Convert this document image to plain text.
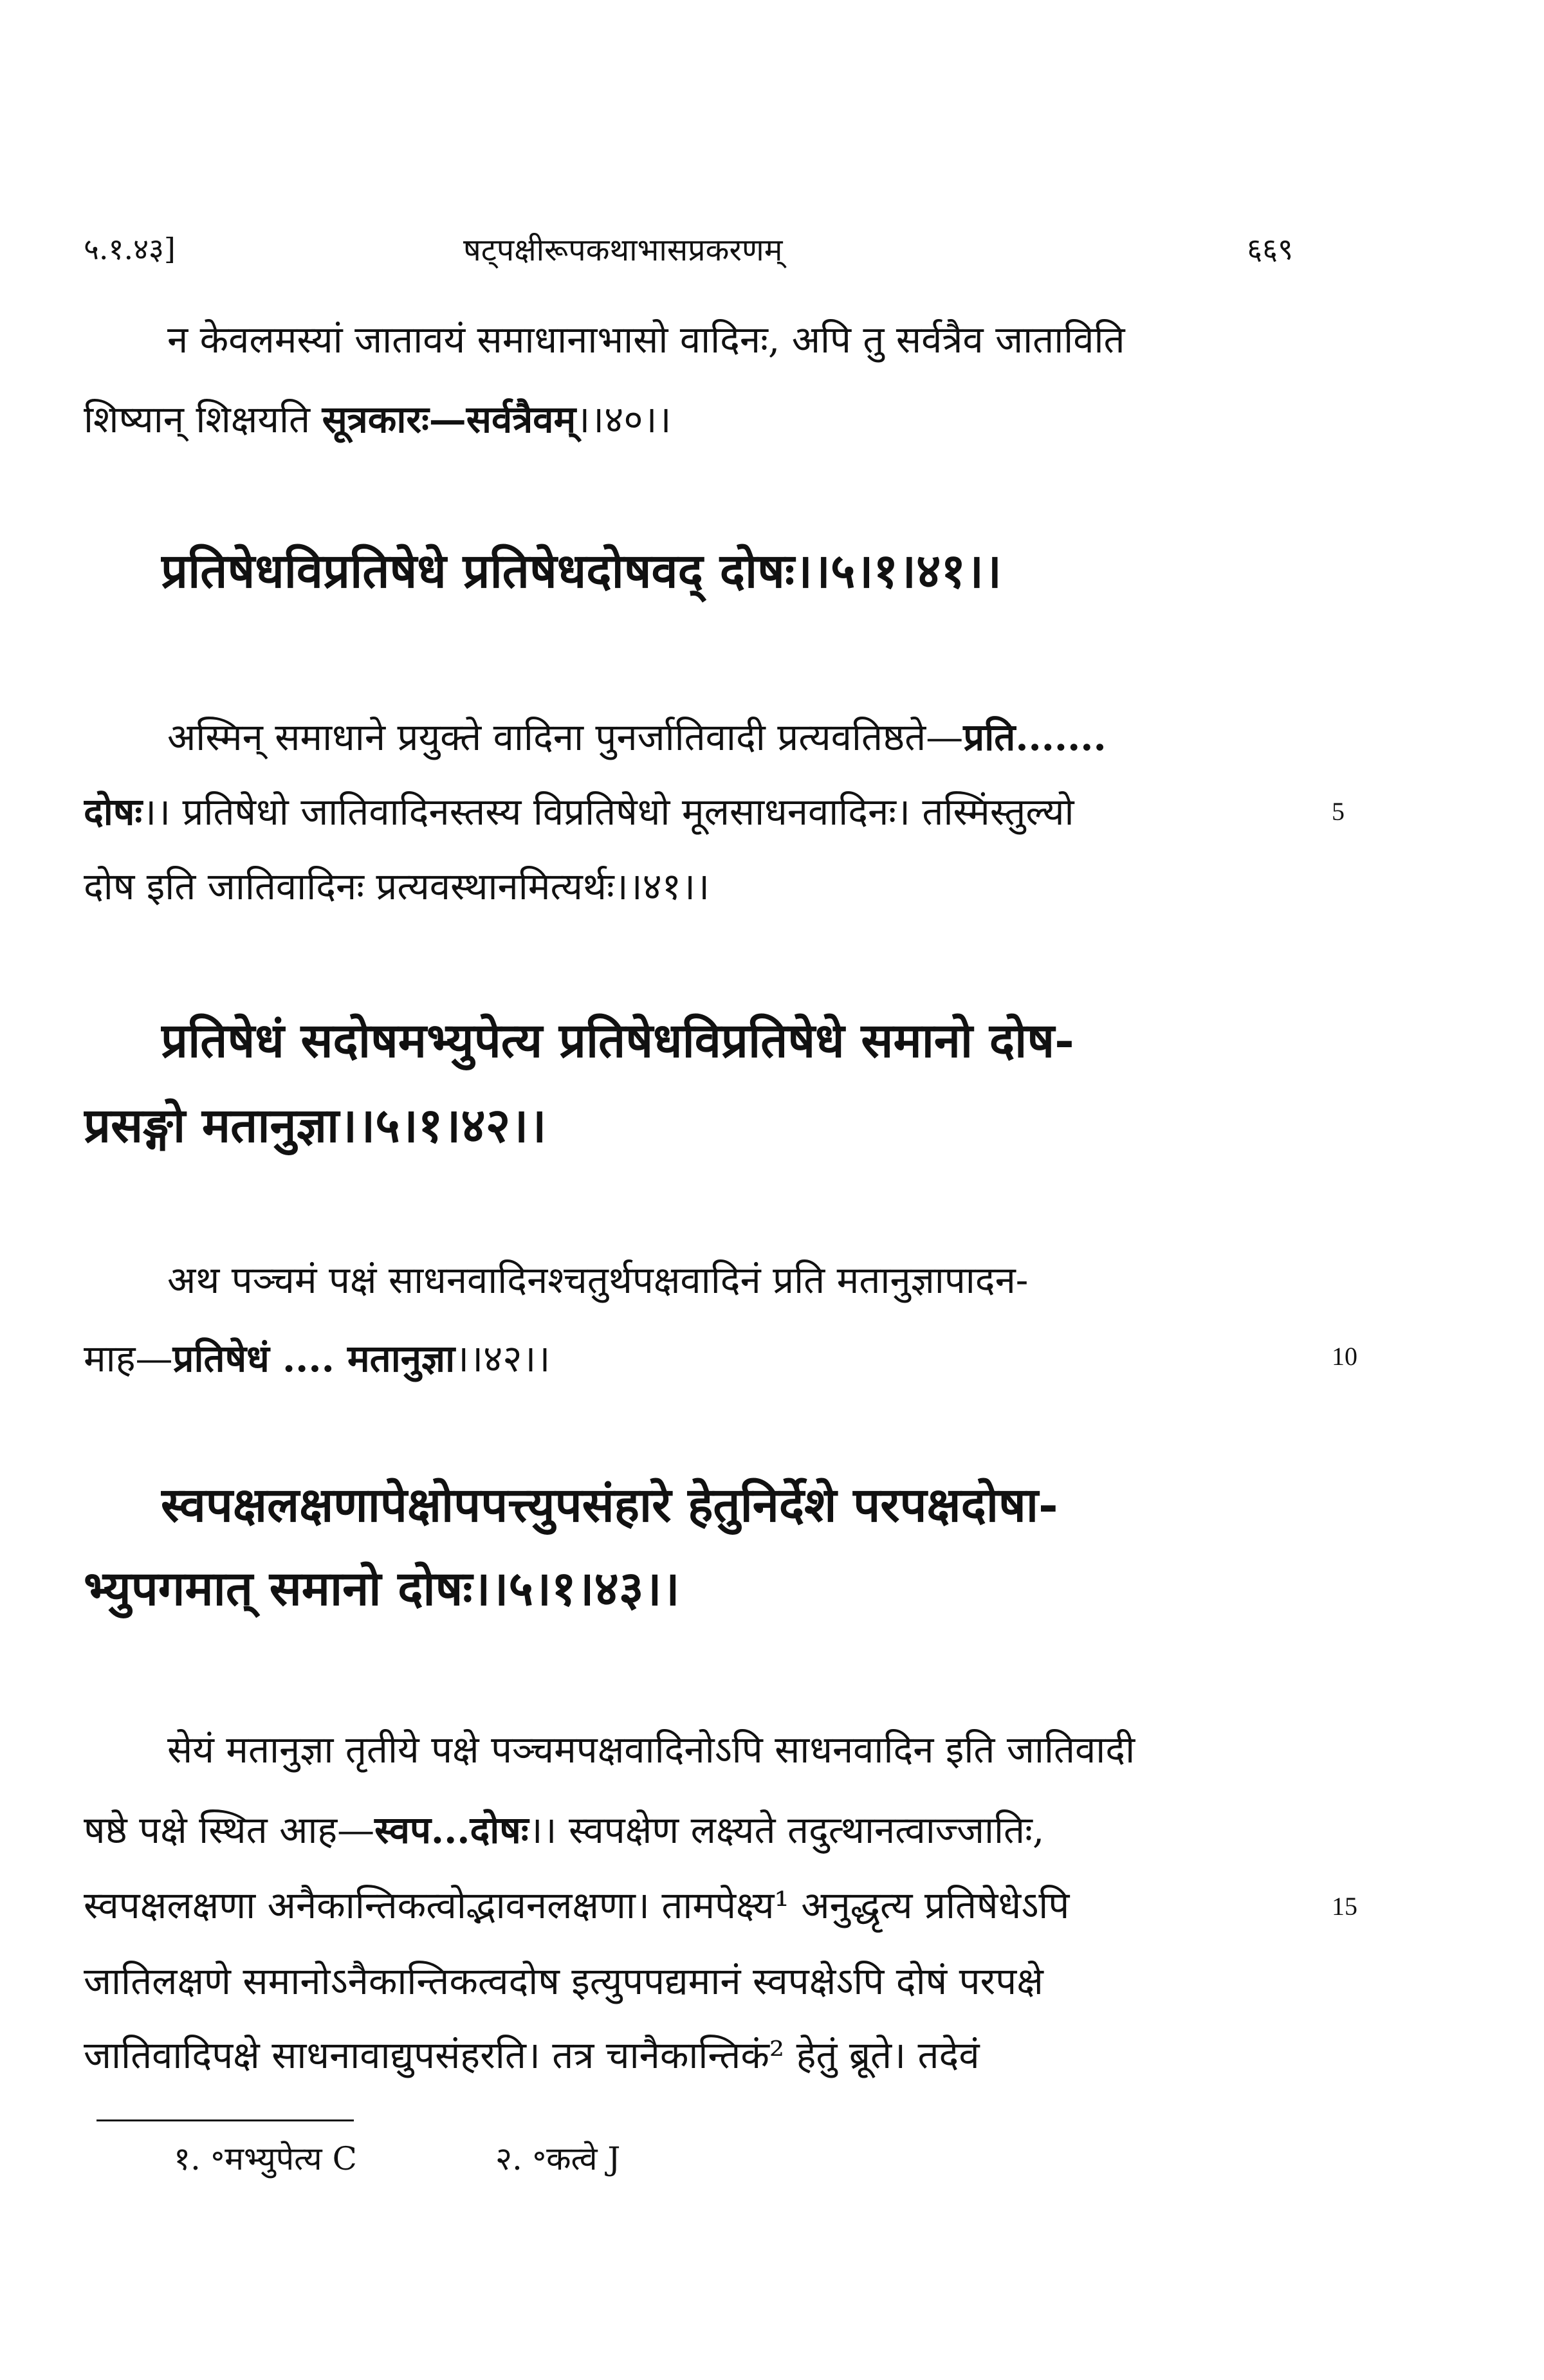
५.१.४३]	षट्पक्षीरूपकथाभासप्रकरणम्	६६९
न केवलमस्यां जातावयं समाधानाभासो वादिनः, अपि तु सर्वत्रैव जाताविति
शिष्यान् शिक्षयति सूत्रकारः—सर्वत्रैवम्।।४०।।
प्रतिषेधविप्रतिषेधे प्रतिषेधदोषवद् दोषः।।५।१।४१।।
अस्मिन् समाधाने प्रयुक्ते वादिना पुनर्जातिवादी प्रत्यवतिष्ठते—प्रति.......
दोषः।। प्रतिषेधो जातिवादिनस्तस्य विप्रतिषेधो मूलसाधनवादिनः। तस्मिंस्तुल्यो	5
दोष इति जातिवादिनः प्रत्यवस्थानमित्यर्थः।।४१।।
प्रतिषेधं सदोषमभ्युपेत्य प्रतिषेधविप्रतिषेधे समानो दोष-
प्रसङ्गो मतानुज्ञा।।५।१।४२।।
अथ पञ्चमं पक्षं साधनवादिनश्चतुर्थपक्षवादिनं प्रति मतानुज्ञापादन-
माह—प्रतिषेधं .... मतानुज्ञा।।४२।।	10
स्वपक्षलक्षणापेक्षोपपत्त्युपसंहारे हेतुनिर्देशे परपक्षदोषा-
भ्युपगमात् समानो दोषः।।५।१।४३।।
सेयं मतानुज्ञा तृतीये पक्षे पञ्चमपक्षवादिनोऽपि साधनवादिन इति जातिवादी
षष्ठे पक्षे स्थित आह—स्वप...दोषः।। स्वपक्षेण लक्ष्यते तदुत्थानत्वाज्जातिः,
स्वपक्षलक्षणा अनैकान्तिकत्वोद्भावनलक्षणा। तामपेक्ष्य¹ अनुद्धृत्य प्रतिषेधेऽपि	15
जातिलक्षणे समानोऽनैकान्तिकत्वदोष इत्युपपद्यमानं स्वपक्षेऽपि दोषं परपक्षे
जातिवादिपक्षे साधनावाद्युपसंहरति। तत्र चानैकान्तिकं² हेतुं ब्रूते। तदेवं
१. ॰मभ्युपेत्य C	२. ॰कत्वे J
